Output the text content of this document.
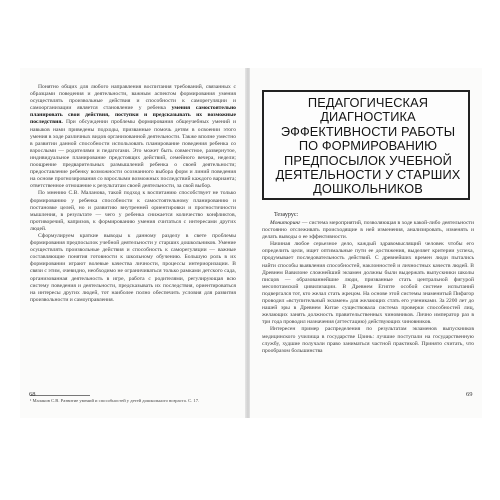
Понятно общих для любого направления воспитания требований, связанных с образцами поведения и деятельности, важным аспектом формирования умения осуществлять произвольные действия и способности к саморегуляции и самоорганизации является становление у ребенка умения самостоятельно планировать свои действия, поступки и предсказывать их возможные последствия. При обсуждении проблемы формирования общеучебных умений и навыков нами приведены подходы, призванные помочь детям в освоении этого умения в ходе различных видов организованной деятельности. Также вполне уместно в развитии данной способности использовать планирование поведения ребенка со взрослыми — родителями и педагогами. Это может быть совместное, развернутое, индивидуальное планирование предстоящих действий, семейного вечера, недели; поощрение предварительных размышлений ребенка о своей деятельности; предоставление ребенку возможности осознанного выбора форм и линий поведения на основе прогнозирования со взрослыми возможных последствий каждого варианта; ответственное отношение к результатам своей деятельности, за свой выбор.

По мнению С.В. Малановa, такой подход к воспитанию способствует не только формированию у ребенка способности к самостоятельному планированию и постановке целей, но и развитию внутренней ориентировки и прогностичности мышления, в результате — чего у ребенка снижается количество конфликтов, противоречий, капризов, к формированию умения считаться с интересами других людей.

Сформулируем краткие выводы к данному разделу в свете проблемы формирования предпосылок учебной деятельности у старших дошкольников. Умение осуществлять произвольные действия и способность к саморегуляции — важные составляющие понятия готовности к школьному обучению. Большую роль в их формировании играют волевые качества личности, процессы интериоризации. В связи с этим, очевидно, необходимо не ограничиваться только рамками детского сада, организованная деятельность в игре, работа с родителями, регулирующая всю систему поведения и деятельности, предсказывать их последствия, ориентироваться на интересы других людей, тот наиболее полно обеспечить условия для развития произвольности и самоуправления.

¹ Маланов С.В. Развитие умений и способностей у детей дошкольного возраста. С. 17.
ПЕДАГОГИЧЕСКАЯ
ДИАГНОСТИКА
ЭФФЕКТИВНОСТИ РАБОТЫ
ПО ФОРМИРОВАНИЮ
ПРЕДПОСЫЛОК УЧЕБНОЙ
ДЕЯТЕЛЬНОСТИ У СТАРШИХ
ДОШКОЛЬНИКОВ
Тезаурус:

Мониторинг — система мероприятий, позволяющая в ходе какой-либо деятельности постоянно отслеживать происходящие в ней изменения, анализировать, изменять и делать выводы о ее эффективности.

Начиная любое серьезное дело, каждый здравомыслящий человек чтобы его определить цели, ищет оптимальные пути ее достижения, выделяет критерии успеха, продумывает последовательность действий. С древнейших времен люди пытались найти способы выявления способностей, наклонностей и личностных качеств людей. В Древнем Вавилоне сложнейший экзамен должны были выдержать выпускники школы писцов — образованнейшие люди, призванные стать центральной фигурой месопотамской цивилизации. В Древнем Египте особой системе испытаний подвергался тот, кто желал стать жрецом. На основе этой системы знаменитый Пифагор проводил «вступительный экзамен» для желающих стать его учениками. За 2200 лет до нашей эры в Древнем Китае существовала система проверки способностей лиц, желающих занять должность правительственных чиновников. Лично император раз в три года проводил назначения (аттестацию) действующих чиновников.

Интересен пример распределения по результатам экзаменов выпускников медицинского училища в государстве Цзинь: лучшие поступали на государственную службу, худшие получали право заниматься частной практикой. Принято считать, что прообразом большинства

68	69
